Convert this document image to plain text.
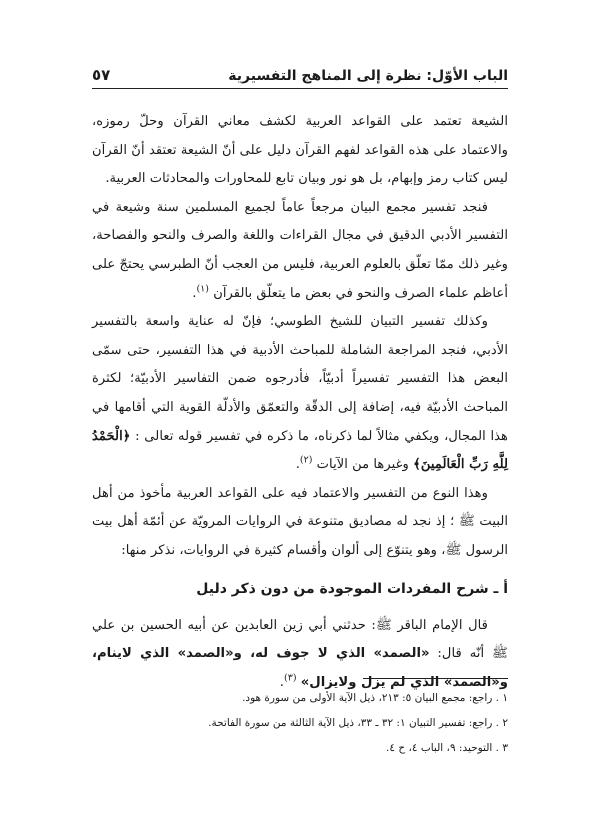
الباب الأوّل: نظرة إلى المناهج التفسيرية
٥٧

الشيعة تعتمد على القواعد العربية لكشف معاني القرآن وحلّ رموزه، والاعتماد على هذه القواعد لفهم القرآن دليل على أنّ الشيعة تعتقد أنّ القرآن ليس كتاب رمز وإبهام، بل هو نور وبيان تابع للمحاورات والمحادثات العربية.

فنجد تفسير مجمع البيان مرجعاً عاماً لجميع المسلمين سنة وشيعة في التفسير الأدبي الدقيق في مجال القراءات واللغة والصرف والنحو والفصاحة، وغير ذلك ممّا تعلّق بالعلوم العربية، فليس من العجب أنّ الطبرسي يحتجّ على أعاظم علماء الصرف والنحو في بعض ما يتعلّق بالقرآن $^{(١)}$.

وكذلك تفسير التبيان للشيخ الطوسي؛ فإنّ له عناية واسعة بالتفسير الأدبي، فنجد المراجعة الشاملة للمباحث الأدبية في هذا التفسير، حتى سمّى البعض هذا التفسير تفسيراً أدبيّاً، فأدرجوه ضمن التفاسير الأدبيّة؛ لكثرة المباحث الأدبيّة فيه، إضافة إلى الدقّة والتعمّق والأدلّة القوية التي أقامها في هذا المجال، ويكفي مثالاً لما ذكرناه، ما ذكره في تفسير قوله تعالى : ﴿الْحَمْدُ لِلَّهِ رَبِّ الْعَالَمِينَ﴾ وغيرها من الآيات $^{(٢)}$.

وهذا النوع من التفسير والاعتماد فيه على القواعد العربية مأخوذ من أهل البيت ﷺ ؛ إذ نجد له مصاديق متنوعة في الروايات المرويّة عن أئمّة أهل بيت الرسول ﷺ، وهو يتنوّع إلى ألوان وأقسام كثيرة في الروايات، نذكر منها:

أ ـ شرح المفردات الموجودة من دون ذكر دليل

قال الإمام الباقر ﷺ: حدثني أبي زين العابدين عن أبيه الحسين بن علي ﷺ أنّه قال: «الصمد» الذي لا جوف له، و«الصمد» الذي لاينام، و«الصمد» الذي لم يزل ولايزال» $^{(٣)}$.

١ . راجع: مجمع البيان ٥: ٢١٣، ذيل الآية الأولى من سورة هود.

٢ . راجع: تفسير التبيان ١: ٣٢ ـ ٣٣، ذيل الآية الثالثة من سورة الفاتحة.

٣ . التوحيد: ٩، الباب ٤، ح ٤.
